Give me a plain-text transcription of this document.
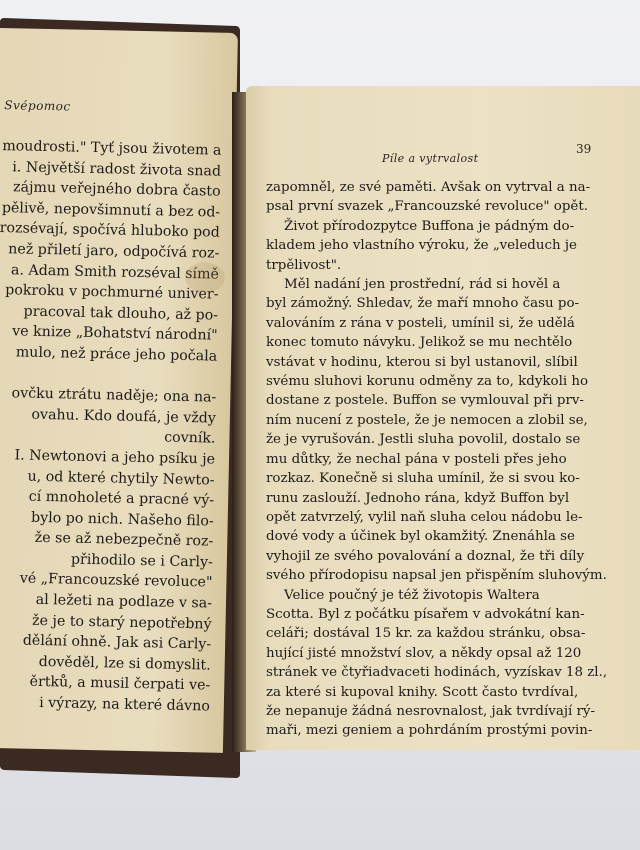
Svépomoc
moudrosti." Tyť jsou životem a
i. Největší radost života snad
zájmu veřejného dobra často
pělivě, nepovšimnutí a bez od-
rozsévají, spočívá hluboko pod
než přiletí jaro, odpočívá roz-
a. Adam Smith rozséval símě
pokroku v pochmurné univer-
pracoval tak dlouho, až po-
ve knize „Bohatství národní"
mulo, než práce jeho počala

ovčku ztrátu naděje; ona na-
ovahu. Kdo doufá, je vždy
covník.
I. Newtonovi a jeho psíku je
u, od které chytily Newto-
cí mnoholeté a pracné vý-
bylo po nich. Našeho filo-
že se až nebezpečně roz-
přihodilo se i Carly-
vé „Francouzské revoluce"
al ležeti na podlaze v sa-
že je to starý nepotřebný
dělání ohně. Jak asi Carly-
dověděl, lze si domyslit.
ěrtků, a musil čerpati ve-
i výrazy, na které dávno
Píle a vytrvalost
39
zapomněl, ze své paměti. Avšak on vytrval a na-
psal první svazek „Francouzské revoluce" opět.
Život přírodozpytce Buffona je pádným do-
kladem jeho vlastního výroku, že „veleduch je
trpělivost".
Měl nadání jen prostřední, rád si hověl a
byl zámožný. Shledav, že maří mnoho času po-
valováním z rána v posteli, umínil si, že udělá
konec tomuto návyku. Jelikož se mu nechtělo
vstávat v hodinu, kterou si byl ustanovil, slíbil
svému sluhovi korunu odměny za to, kdykoli ho
dostane z postele. Buffon se vymlouval při prv-
ním nucení z postele, že je nemocen a zlobil se,
že je vyrušován. Jestli sluha povolil, dostalo se
mu důtky, že nechal pána v posteli přes jeho
rozkaz. Konečně si sluha umínil, že si svou ko-
runu zaslouží. Jednoho rána, když Buffon byl
opět zatvrzelý, vylil naň sluha celou nádobu le-
dové vody a účinek byl okamžitý. Znenáhla se
vyhojil ze svého povalování a doznal, že tři díly
svého přírodopisu napsal jen přispěním sluhovým.
Velice poučný je též životopis Waltera
Scotta. Byl z počátku písařem v advokátní kan-
celáři; dostával 15 kr. za každou stránku, obsa-
hující jisté množství slov, a někdy opsal až 120
stránek ve čtyřiadvaceti hodinách, vyzískav 18 zl.,
za které si kupoval knihy. Scott často tvrdíval,
že nepanuje žádná nesrovnalost, jak tvrdívají rý-
maři, mezi geniem a pohrdáním prostými povin-
